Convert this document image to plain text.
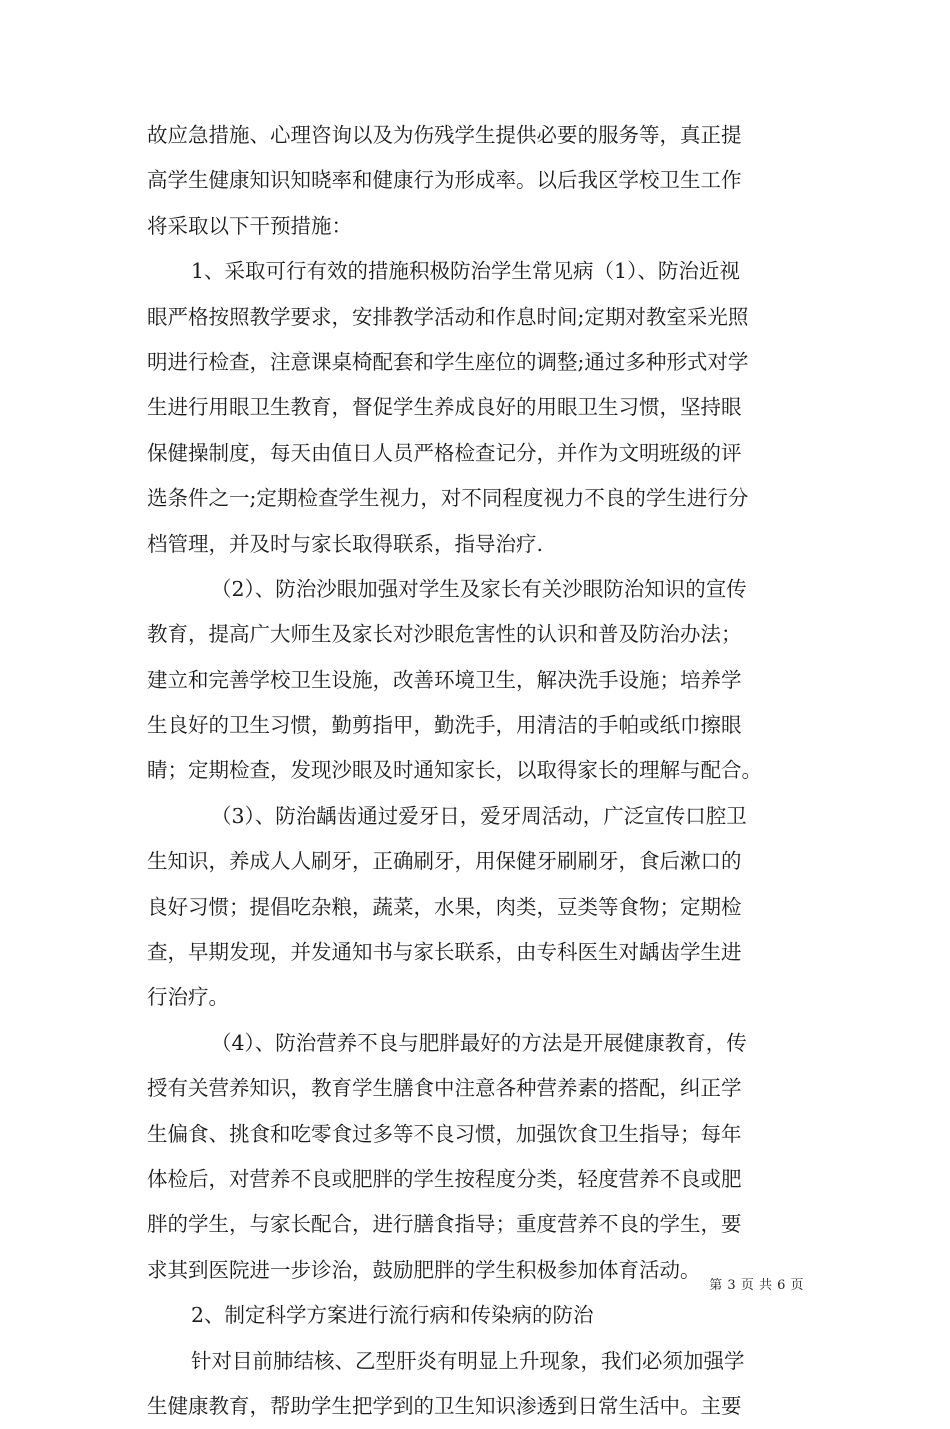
故应急措施、心理咨询以及为伤残学生提供必要的服务等，真正提
高学生健康知识知晓率和健康行为形成率。以后我区学校卫生工作
将采取以下干预措施：
1、采取可行有效的措施积极防治学生常见病（1）、防治近视
眼严格按照教学要求，安排教学活动和作息时间;定期对教室采光照
明进行检查，注意课桌椅配套和学生座位的调整;通过多种形式对学
生进行用眼卫生教育，督促学生养成良好的用眼卫生习惯，坚持眼
保健操制度，每天由值日人员严格检查记分，并作为文明班级的评
选条件之一;定期检查学生视力，对不同程度视力不良的学生进行分
档管理，并及时与家长取得联系，指导治疗.
（2）、防治沙眼加强对学生及家长有关沙眼防治知识的宣传
教育，提高广大师生及家长对沙眼危害性的认识和普及防治办法；
建立和完善学校卫生设施，改善环境卫生，解决洗手设施；培养学
生良好的卫生习惯，勤剪指甲，勤洗手，用清洁的手帕或纸巾擦眼
睛；定期检查，发现沙眼及时通知家长，以取得家长的理解与配合。
（3）、防治龋齿通过爱牙日，爱牙周活动，广泛宣传口腔卫
生知识，养成人人刷牙，正确刷牙，用保健牙刷刷牙，食后漱口的
良好习惯；提倡吃杂粮，蔬菜，水果，肉类，豆类等食物；定期检
查，早期发现，并发通知书与家长联系，由专科医生对龋齿学生进
行治疗。
（4）、防治营养不良与肥胖最好的方法是开展健康教育，传
授有关营养知识，教育学生膳食中注意各种营养素的搭配，纠正学
生偏食、挑食和吃零食过多等不良习惯，加强饮食卫生指导；每年
体检后，对营养不良或肥胖的学生按程度分类，轻度营养不良或肥
胖的学生，与家长配合，进行膳食指导；重度营养不良的学生，要
求其到医院进一步诊治，鼓励肥胖的学生积极参加体育活动。
2、制定科学方案进行流行病和传染病的防治
针对目前肺结核、乙型肝炎有明显上升现象，我们必须加强学
生健康教育，帮助学生把学到的卫生知识渗透到日常生活中。主要
第 3 页 共 6 页
